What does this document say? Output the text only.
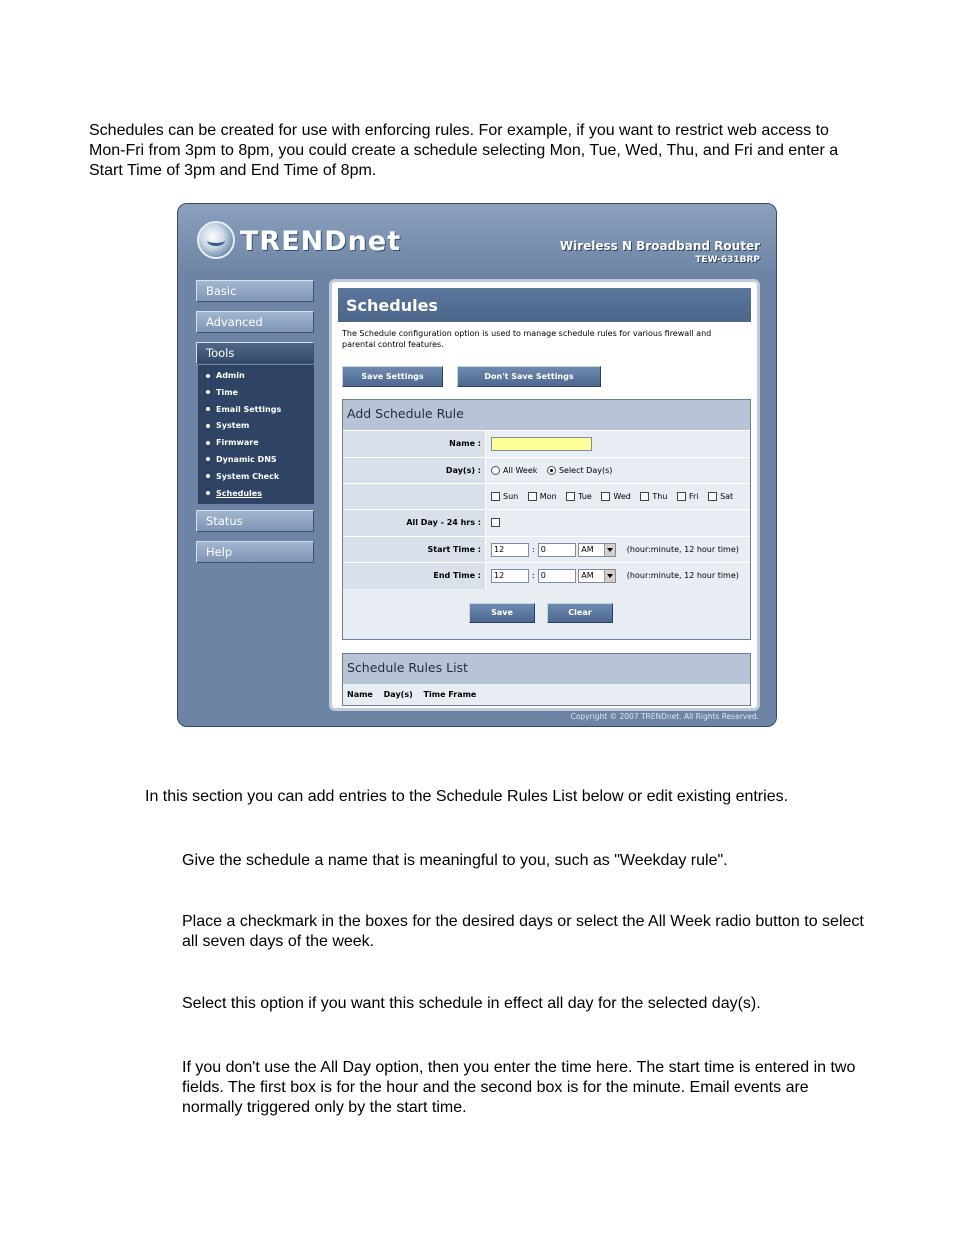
Schedules can be created for use with enforcing rules. For example, if you want to restrict web access to Mon-Fri from 3pm to 8pm, you could create a schedule selecting Mon, Tue, Wed, Thu, and Fri and enter a Start Time of 3pm and End Time of 8pm.

TRENDnet	Wireless N Broadband Router
TEW-631BRP
Basic
Advanced
Tools
Admin
Time
Email Settings
System
Firmware
Dynamic DNS
System Check
Schedules
Status
Help
Schedules
The Schedule configuration option is used to manage schedule rules for various firewall and parental control features.
Save Settings	Don't Save Settings
Add Schedule Rule
Name :
Day(s) :	All Week	Select Day(s)
Sun	Mon	Tue	Wed	Thu	Fri	Sat
All Day - 24 hrs :
Start Time :	12	: 0	AM	(hour:minute, 12 hour time)
End Time :	12	: 0	AM	(hour:minute, 12 hour time)
Save	Clear
Schedule Rules List
Name Day(s) Time Frame
Copyright © 2007 TRENDnet. All Rights Reserved.

In this section you can add entries to the Schedule Rules List below or edit existing entries.

Give the schedule a name that is meaningful to you, such as "Weekday rule".

Place a checkmark in the boxes for the desired days or select the All Week radio button to select all seven days of the week.

Select this option if you want this schedule in effect all day for the selected day(s).

If you don't use the All Day option, then you enter the time here. The start time is entered in two fields. The first box is for the hour and the second box is for the minute. Email events are normally triggered only by the start time.
